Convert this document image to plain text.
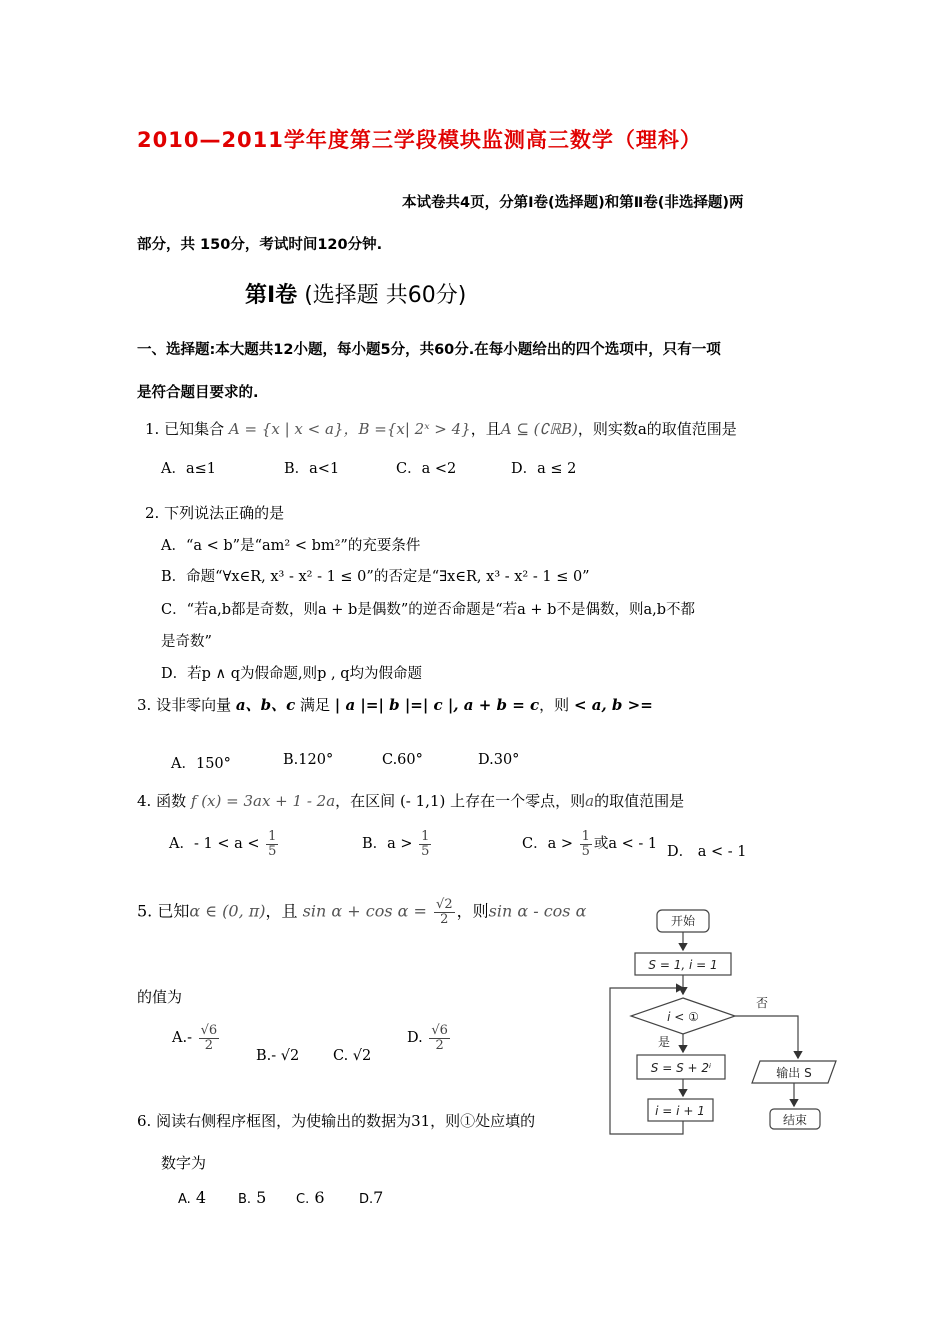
2010—2011学年度第三学段模块监测高三数学（理科）
本试卷共4页，分第Ⅰ卷(选择题)和第Ⅱ卷(非选择题)两
部分，共 150分，考试时间120分钟.
第Ⅰ卷 (选择题 共60分)
一、选择题:本大题共12小题，每小题5分，共60分.在每小题给出的四个选项中，只有一项
是符合题目要求的.
1. 已知集合 A = {x | x < a}，B ={x| 2ˣ > 4}，且A ⊆ (∁ℝB)，则实数a的取值范围是
A．a≤1	B．a<1	C．a <2	D．a ≤ 2
2. 下列说法正确的是
A．“a < b”是“am² < bm²”的充要条件
B．命题“∀x∈R, x³ - x² - 1 ≤ 0”的否定是“∃x∈R, x³ - x² - 1 ≤ 0”
C．“若a,b都是奇数，则a + b是偶数”的逆否命题是“若a + b不是偶数，则a,b不都
是奇数”
D．若p ∧ q为假命题,则p , q均为假命题
3. 设非零向量 a、b、c 满足 | a |=| b |=| c |, a + b = c，则 < a, b >=
A．150°	B.120°	C.60°	D.30°
4. 函数 f (x) = 3ax + 1 - 2a，在区间 (- 1,1) 上存在一个零点，则a的取值范围是
A．- $1 < a < \frac{1}{5}$	B．$a > \frac{1}{5}$	C．$a > \frac{1}{5}$ 或a < - 1 D． a < - 1
5. 已知α ∈ (0, π)，且 $\sin \alpha + \cos \alpha = \frac{√2}{2}$ ，则sin α - cos α
的值为
$A.- \frac{√6}{2}$
B.- √2 C. √2
D. $\frac{√6}{2}$
6. 阅读右侧程序框图，为使输出的数据为31，则①处应填的
数字为
A. 4 B. 5 C. 6	D.7
开始
S = 1, i = 1
i < ①
是
否
S = S + 2ⁱ
i = i + 1
输出 S
结束
